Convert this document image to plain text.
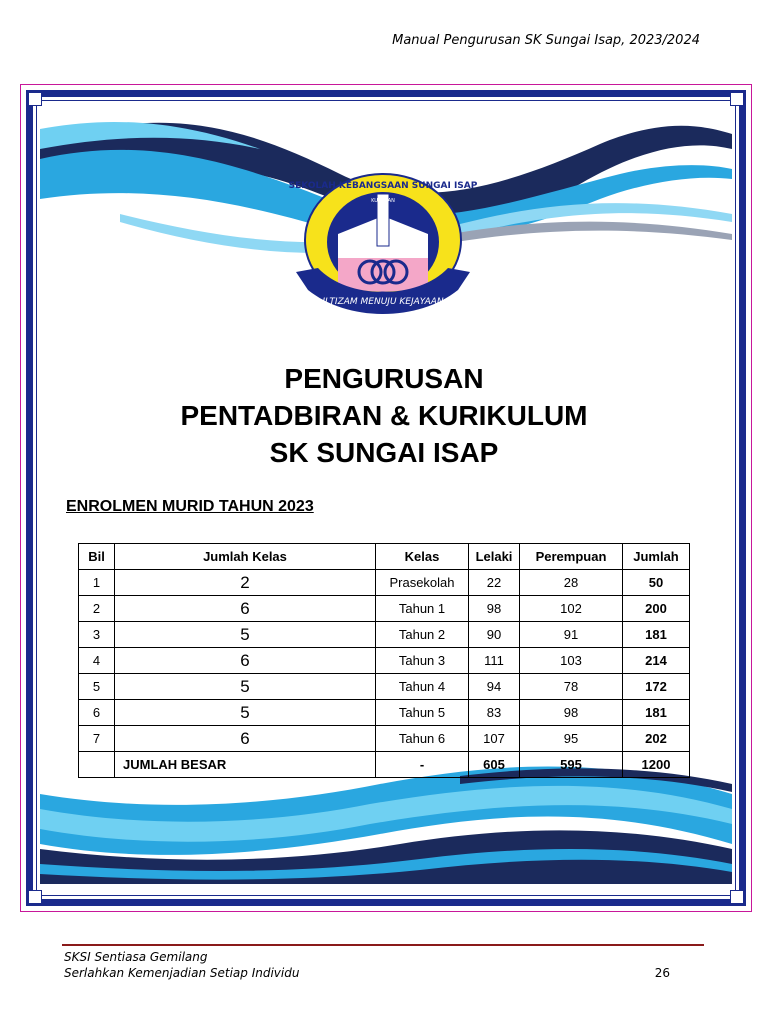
Manual Pengurusan SK Sungai Isap, 2023/2024
SEKOLAH KEBANGSAAN SUNGAI ISAP
KUANTAN
ILTIZAM MENUJU KEJAYAAN
PENGURUSAN
PENTADBIRAN & KURIKULUM
SK SUNGAI ISAP
ENROLMEN MURID TAHUN 2023
Bil	Jumlah Kelas	Kelas	Lelaki	Perempuan	Jumlah
1	2	Prasekolah	22	28	50
2	6	Tahun 1	98	102	200
3	5	Tahun 2	90	91	181
4	6	Tahun 3	111	103	214
5	5	Tahun 4	94	78	172
6	5	Tahun 5	83	98	181
7	6	Tahun 6	107	95	202
	JUMLAH BESAR	-	605	595	1200
SKSI Sentiasa Gemilang
Serlahkan Kemenjadian Setiap Individu	26
